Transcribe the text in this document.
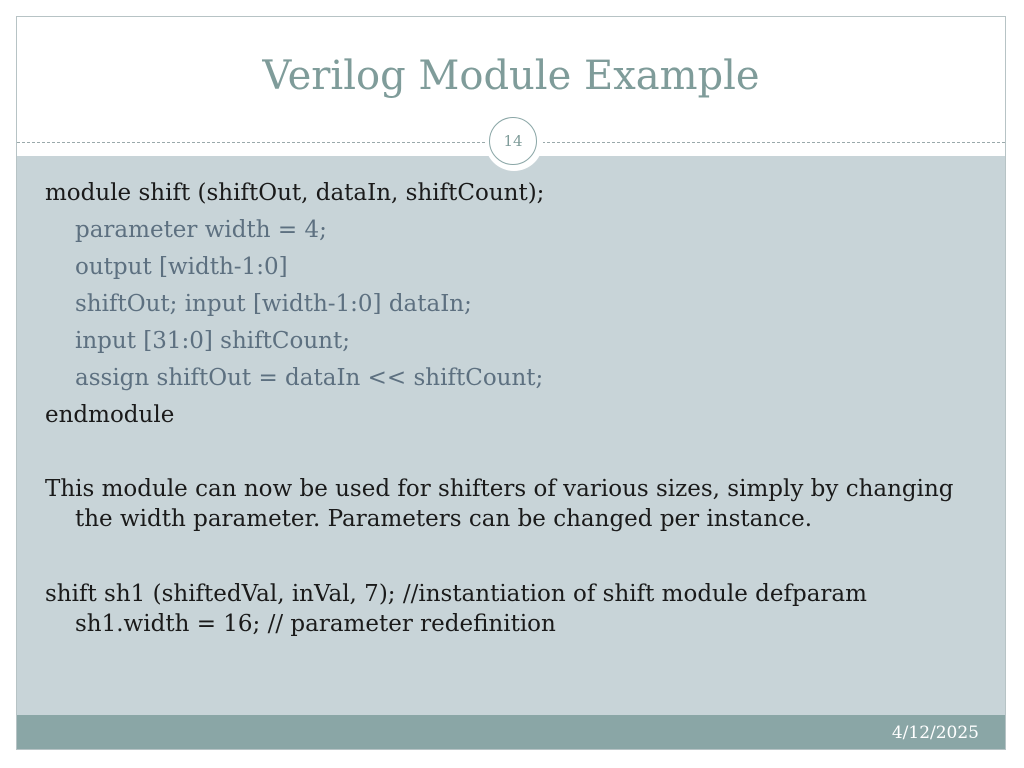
Verilog Module Example
14
module shift (shiftOut, dataIn, shiftCount);
parameter width = 4;
output [width-1:0]
shiftOut; input [width-1:0] dataIn;
input [31:0] shiftCount;
assign shiftOut = dataIn << shiftCount;
endmodule
This module can now be used for shifters of various sizes, simply by changing the width parameter. Parameters can be changed per instance.
shift sh1 (shiftedVal, inVal, 7); //instantiation of shift module defparam sh1.width = 16; // parameter redefinition
4/12/2025
